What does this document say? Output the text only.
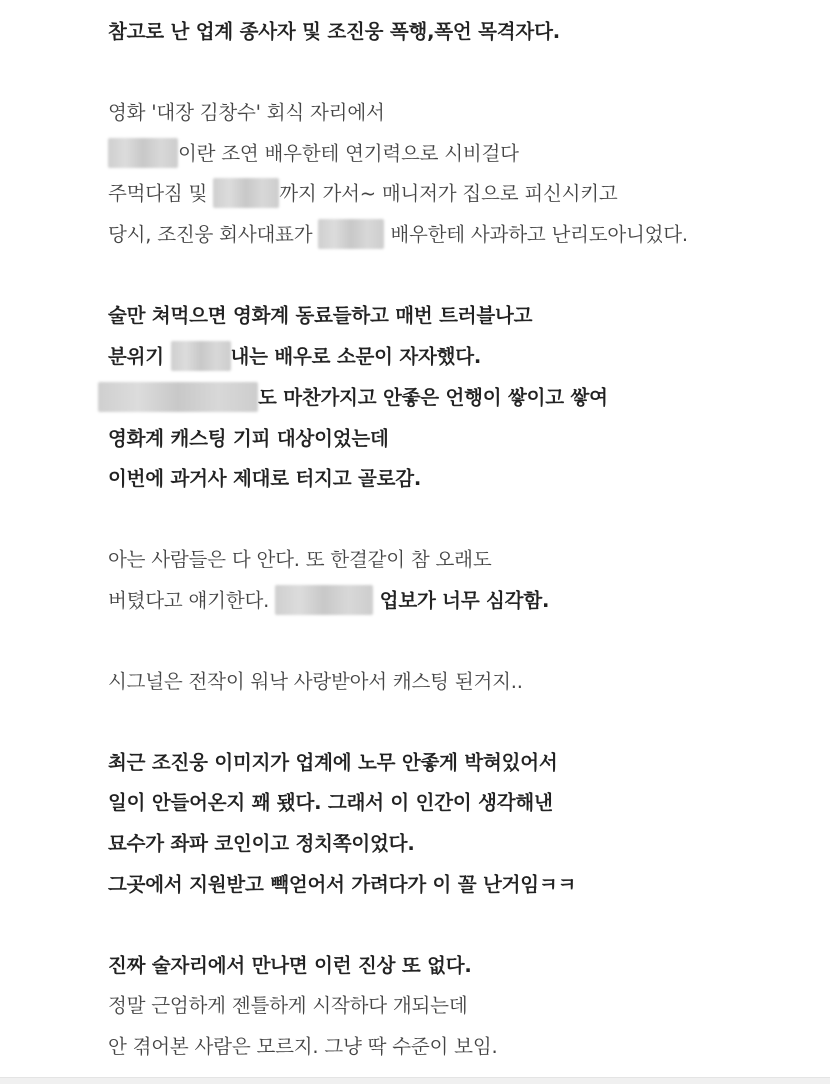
참고로 난 업계 종사자 및 조진웅 폭행,폭언 목격자다.
영화 '대장 김창수' 회식 자리에서
이란 조연 배우한테 연기력으로 시비걸다
주먹다짐 및	까지 가서~ 매니저가 집으로 피신시키고
당시, 조진웅 회사대표가	배우한테 사과하고 난리도아니었다.
술만 쳐먹으면 영화계 동료들하고 매번 트러블나고
분위기	내는 배우로 소문이 자자했다.
도 마찬가지고 안좋은 언행이 쌓이고 쌓여
영화계 캐스팅 기피 대상이었는데
이번에 과거사 제대로 터지고 골로감.
아는 사람들은 다 안다. 또 한결같이 참 오래도
버텼다고 얘기한다.	업보가 너무 심각함.
시그널은 전작이 워낙 사랑받아서 캐스팅 된거지..
최근 조진웅 이미지가 업계에 노무 안좋게 박혀있어서
일이 안들어온지 꽤 됐다. 그래서 이 인간이 생각해낸
묘수가 좌파 코인이고 정치쪽이었다.
그곳에서 지원받고 빽얻어서 가려다가 이 꼴 난거임ㅋㅋ
진짜 술자리에서 만나면 이런 진상 또 없다.
정말 근엄하게 젠틀하게 시작하다 개되는데
안 겪어본 사람은 모르지. 그냥 딱 수준이 보임.
